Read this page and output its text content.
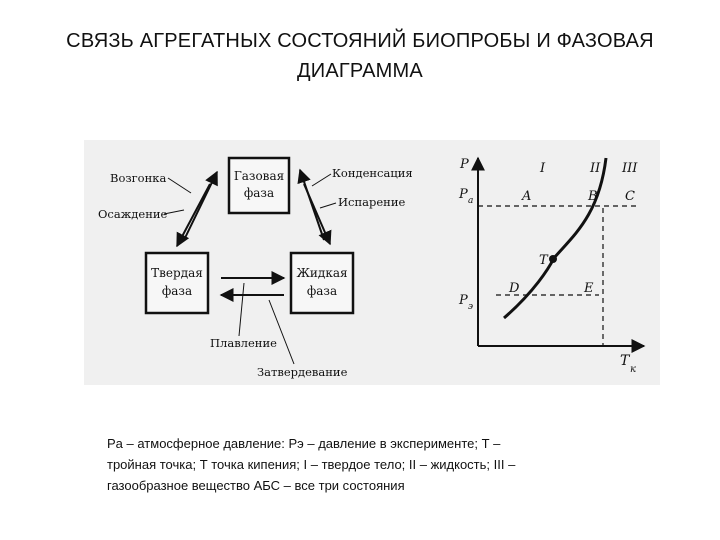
СВЯЗЬ АГРЕГАТНЫХ СОСТОЯНИЙ БИОПРОБЫ И ФАЗОВАЯ
ДИАГРАММА
Газовая
фаза
Твердая
фаза
Жидкая
фаза
Возгонка
Осаждение
Конденсация
Испарение
Плавление
Затвердевание
P
T
к
P а
P э
I	II III
A	B C
T
D	E
Pа – атмосферное давление: Pэ – давление в эксперименте; Т –
тройная точка; Т точка кипения; I – твердое тело; II – жидкость; III –
газообразное вещество АБС – все три состояния
